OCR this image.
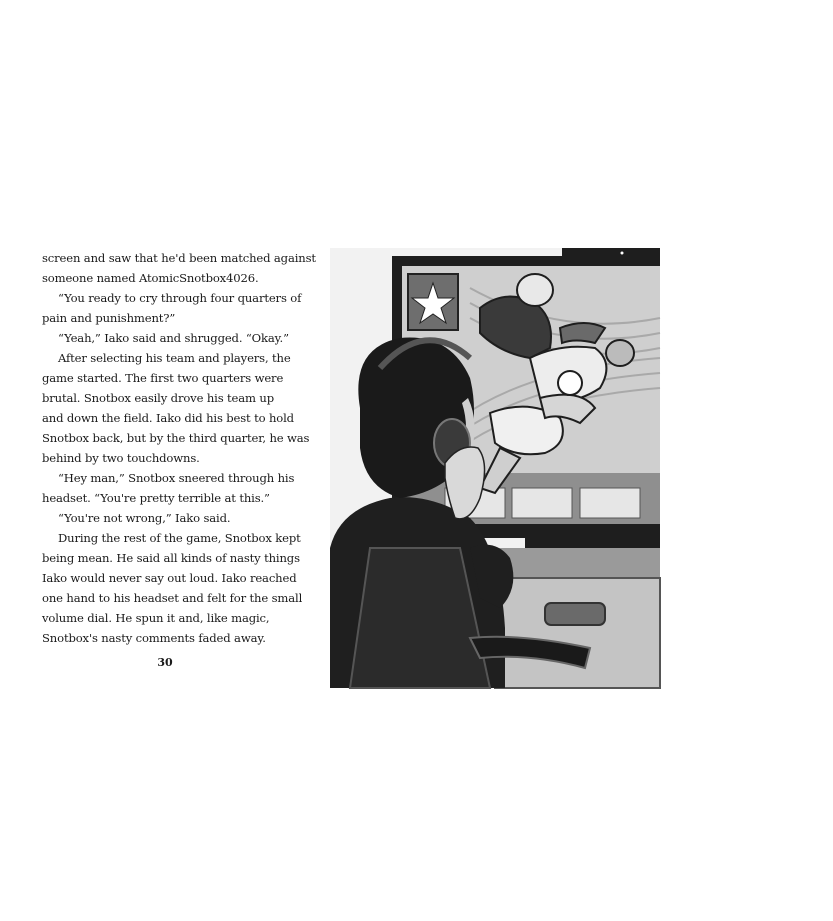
screen and saw that he'd been matched against
someone named AtomicSnotbox4026.
“You ready to cry through four quarters of
pain and punishment?”
“Yeah,” Iako said and shrugged. “Okay.”
After selecting his team and players, the
game started. The first two quarters were
brutal. Snotbox easily drove his team up
and down the field. Iako did his best to hold
Snotbox back, but by the third quarter, he was
behind by two touchdowns.
“Hey man,” Snotbox sneered through his
headset. “You're pretty terrible at this.”
“You're not wrong,” Iako said.
During the rest of the game, Snotbox kept
being mean. He said all kinds of nasty things
Iako would never say out loud. Iako reached
one hand to his headset and felt for the small
volume dial. He spun it and, like magic,
Snotbox's nasty comments faded away.
30
31
